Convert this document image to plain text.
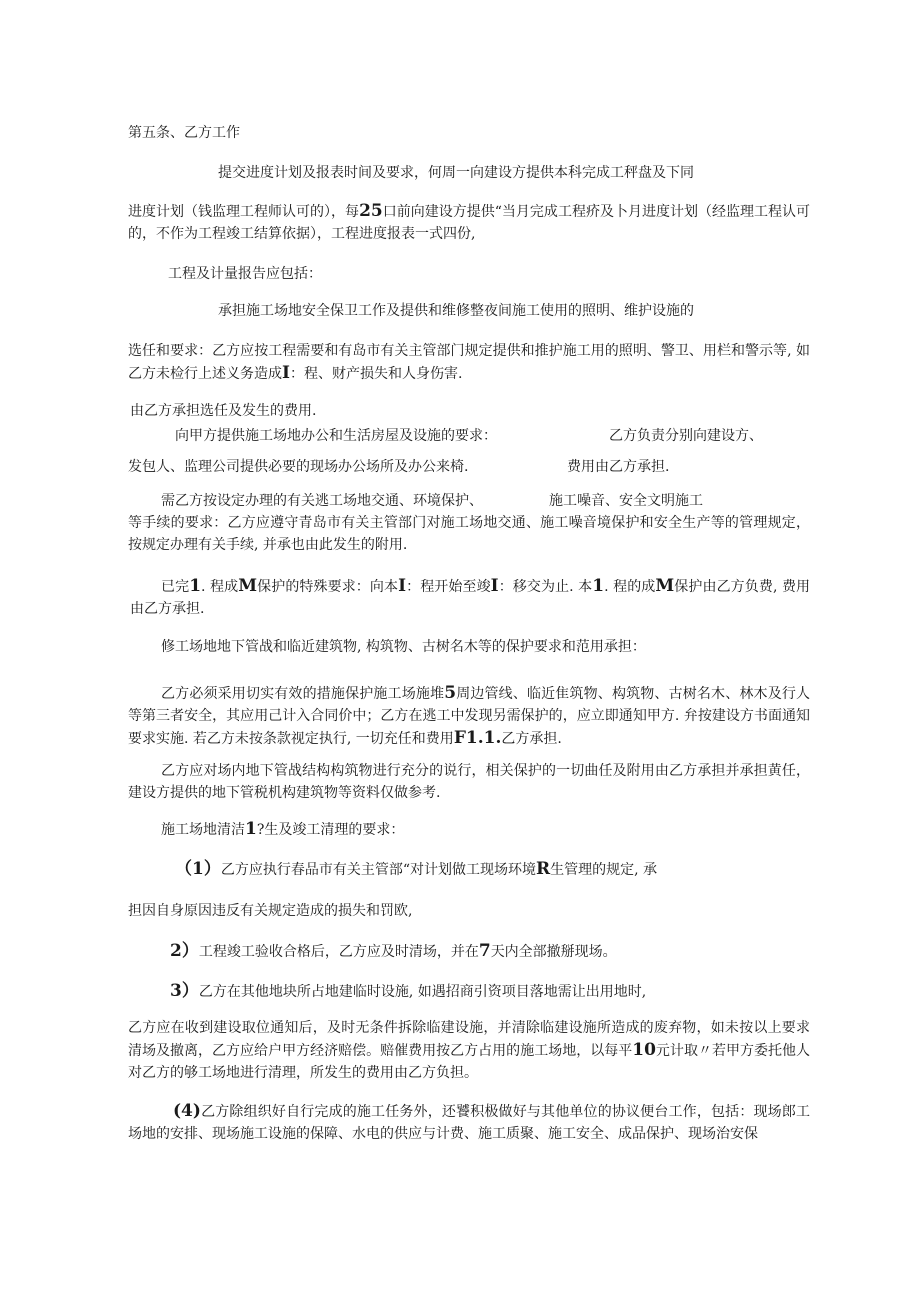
第五条、乙方工作
提交进度计划及报表时间及要求，何周一向建设方提供本科完成工秤盘及下同
进度计划（钱监理工程师认可的），每25口前向建设方提供“当月完成工程疥及卜月进度计划（经监理工程认可的，不作为工程竣工结算依据），工程进度报表一式四份,
工程及计量报告应包括：
承担施工场地安全保卫工作及提供和维修整夜间施工使用的照明、维护设施的
选任和要求：乙方应按工程需要和有岛市有关主管部门规定提供和推护施工用的照明、警卫、用栏和警示等, 如乙方未检行上述义务造成I：程、财产损失和人身伤害.
由乙方承担选任及发生的费用.
向甲方提供施工场地办公和生活房屋及设施的要求：	乙方负责分别向建设方、
发包人、监理公司提供必要的现场办公场所及办公来椅.	费用由乙方承担.
需乙方按设定办理的有关逃工场地交通、环境保护、	施工噪音、安全文明施工
等手续的要求：乙方应遵守青岛市有关主管部门对施工场地交通、施工噪音境保护和安全生产等的管理规定，按规定办理有关手续, 并承也由此发生的附用.
已完1. 程成M保护的特殊要求：向本I：程开始至竣I：移交为止. 本1. 程的成M保护由乙方负费, 费用由乙方承担.
修工场地地下管战和临近建筑物, 构筑物、古树名木等的保护要求和范用承担：
乙方必须采用切实有效的措施保护施工场施堆5周边管线、临近隹筑物、构筑物、古树名木、林木及行人等第三者安全，其应用己计入合同价中；乙方在逃工中发现另需保护的，应立即通知甲方. 弁按建设方书面通知要求实施. 若乙方未按条款视定执行, 一切充任和费用F1.1.乙方承担.
乙方应对场内地下管战结构构筑物进行充分的说行，相关保护的一切曲任及附用由乙方承担并承担黄任，建设方提供的地下管税机构建筑物等资料仅做参考.
施工场地清洁1?生及竣工清理的要求：
（1）乙方应执行春品市有关主管部“对计划做工现场环境R生管理的规定, 承
担因自身原因违反有关规定造成的损失和罚欧,
2）工程竣工验收合格后，乙方应及时清场，并在7天内全部撤掰现场。
3）乙方在其他地块所占地建临时设施, 如遇招商引资项目落地需让出用地时,
乙方应在收到建设取位通知后，及时无条件拆除临建设施，并清除临建设施所造成的废弃物，如未按以上要求清场及撤离，乙方应给户甲方经济赔偿。赔催费用按乙方占用的施工场地，以每平10元计取〃若甲方委托他人对乙方的够工场地进行清理，所发生的费用由乙方负担。
(4)乙方除组织好自行完成的施工任务外，还饕积极做好与其他单位的协议便台工作，包括：现场郎工场地的安排、现场施工设施的保障、水电的供应与计费、施工质聚、施工安全、成品保护、现场治安保
